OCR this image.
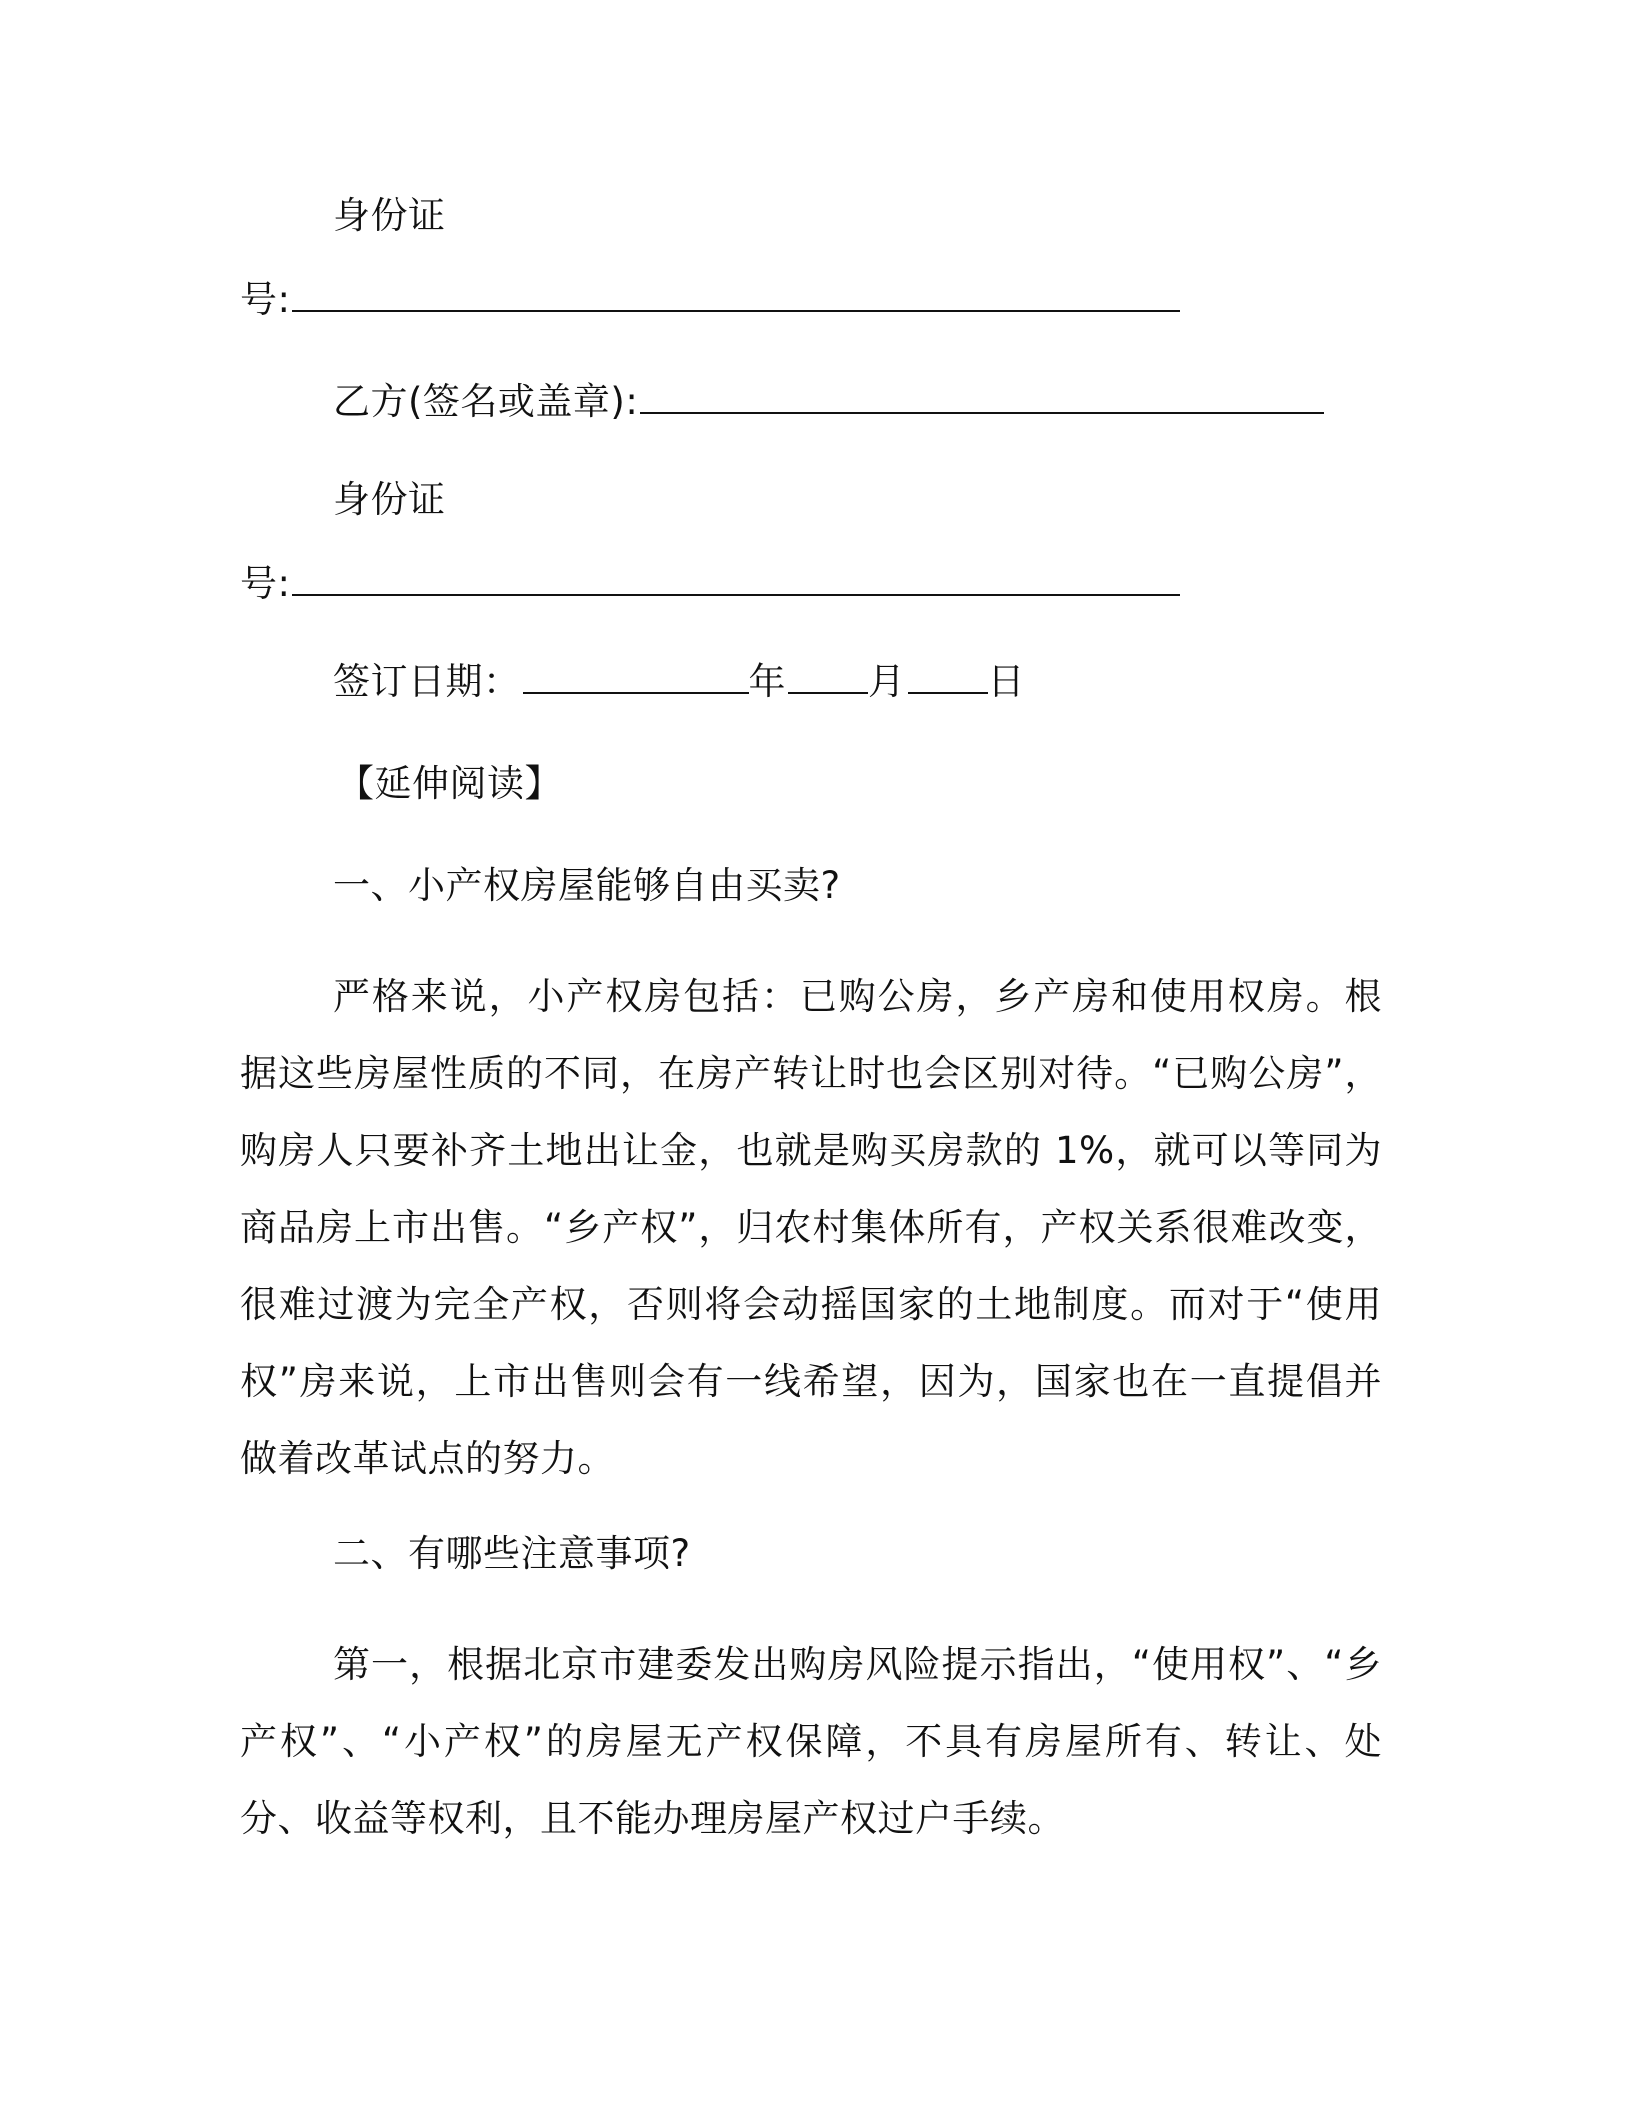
身份证
号:
乙方(签名或盖章):
身份证
号:
签订日期：	年 月 日
【延伸阅读】
一、小产权房屋能够自由买卖?
严格来说，小产权房包括：已购公房，乡产房和使用权房。根据这些房屋性质的不同，在房产转让时也会区别对待。“已购公房”，购房人只要补齐土地出让金，也就是购买房款的 1%，就可以等同为商品房上市出售。“乡产权”，归农村集体所有，产权关系很难改变，很难过渡为完全产权，否则将会动摇国家的土地制度。而对于“使用权”房来说，上市出售则会有一线希望，因为，国家也在一直提倡并做着改革试点的努力。
二、有哪些注意事项?
第一，根据北京市建委发出购房风险提示指出，“使用权”、“乡产权”、“小产权”的房屋无产权保障，不具有房屋所有、转让、处分、收益等权利，且不能办理房屋产权过户手续。
